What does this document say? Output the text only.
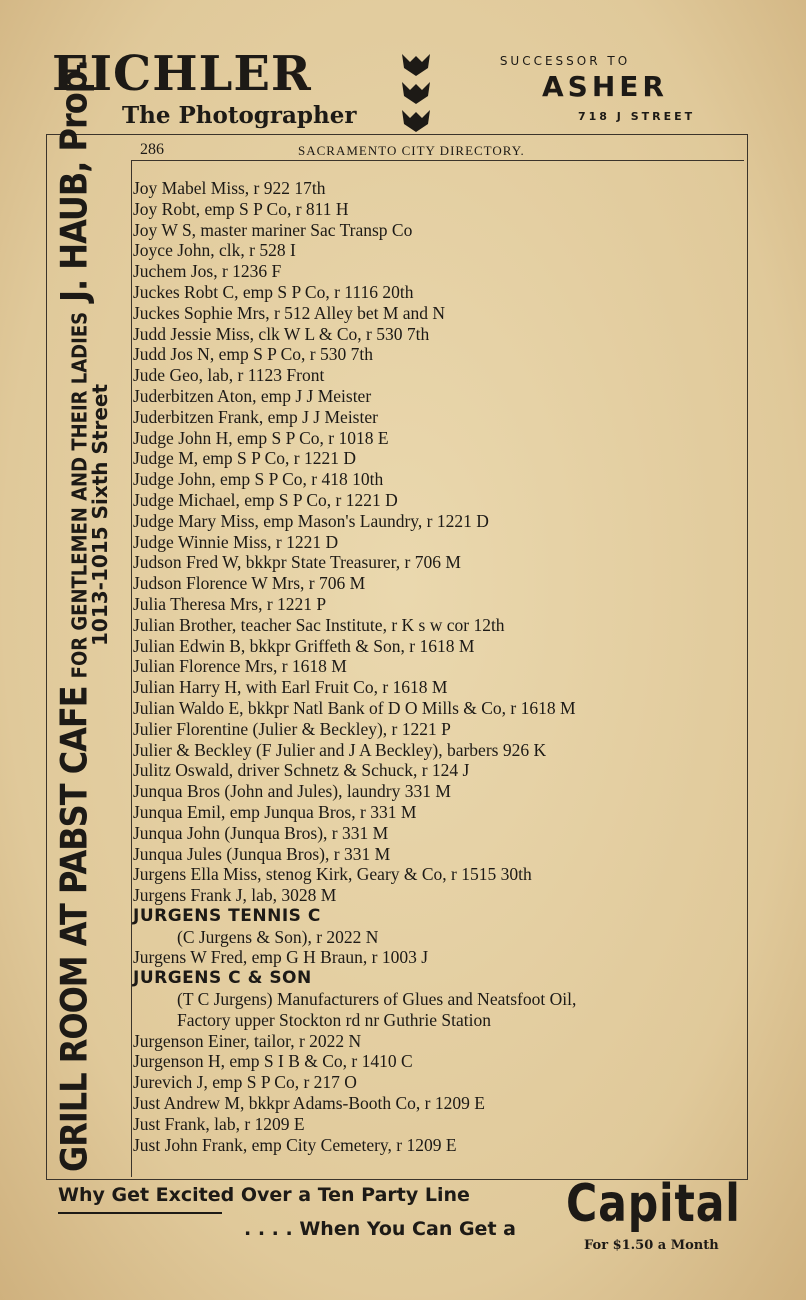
EICHLER
The Photographer
SUCCESSOR TO
ASHER
718 J STREET
286	SACRAMENTO CITY DIRECTORY.
GRILL ROOM AT PABST CAFEFOR GENTLEMEN AND THEIR LADIESJ. HAUB, Prop.
1013-1015 Sixth Street
Joy Mabel Miss, r 922 17th
Joy Robt, emp S P Co, r 811 H
Joy W S, master mariner Sac Transp Co
Joyce John, clk, r 528 I
Juchem Jos, r 1236 F
Juckes Robt C, emp S P Co, r 1116 20th
Juckes Sophie Mrs, r 512 Alley bet M and N
Judd Jessie Miss, clk W L & Co, r 530 7th
Judd Jos N, emp S P Co, r 530 7th
Jude Geo, lab, r 1123 Front
Juderbitzen Aton, emp J J Meister
Juderbitzen Frank, emp J J Meister
Judge John H, emp S P Co, r 1018 E
Judge M, emp S P Co, r 1221 D
Judge John, emp S P Co, r 418 10th
Judge Michael, emp S P Co, r 1221 D
Judge Mary Miss, emp Mason's Laundry, r 1221 D
Judge Winnie Miss, r 1221 D
Judson Fred W, bkkpr State Treasurer, r 706 M
Judson Florence W Mrs, r 706 M
Julia Theresa Mrs, r 1221 P
Julian Brother, teacher Sac Institute, r K s w cor 12th
Julian Edwin B, bkkpr Griffeth & Son, r 1618 M
Julian Florence Mrs, r 1618 M
Julian Harry H, with Earl Fruit Co, r 1618 M
Julian Waldo E, bkkpr Natl Bank of D O Mills & Co, r 1618 M
Julier Florentine (Julier & Beckley), r 1221 P
Julier & Beckley (F Julier and J A Beckley), barbers 926 K
Julitz Oswald, driver Schnetz & Schuck, r 124 J
Junqua Bros (John and Jules), laundry 331 M
Junqua Emil, emp Junqua Bros, r 331 M
Junqua John (Junqua Bros), r 331 M
Junqua Jules (Junqua Bros), r 331 M
Jurgens Ella Miss, stenog Kirk, Geary & Co, r 1515 30th
Jurgens Frank J, lab, 3028 M
JURGENS TENNIS C
(C Jurgens & Son), r 2022 N
Jurgens W Fred, emp G H Braun, r 1003 J
JURGENS C & SON
(T C Jurgens) Manufacturers of Glues and Neatsfoot Oil,
Factory upper Stockton rd nr Guthrie Station
Jurgenson Einer, tailor, r 2022 N
Jurgenson H, emp S I B & Co, r 1410 C
Jurevich J, emp S P Co, r 217 O
Just Andrew M, bkkpr Adams-Booth Co, r 1209 E
Just Frank, lab, r 1209 E
Just John Frank, emp City Cemetery, r 1209 E
Why Get Excited Over a Ten Party Line
. . . . When You Can Get a Capital
For $1.50 a Month
